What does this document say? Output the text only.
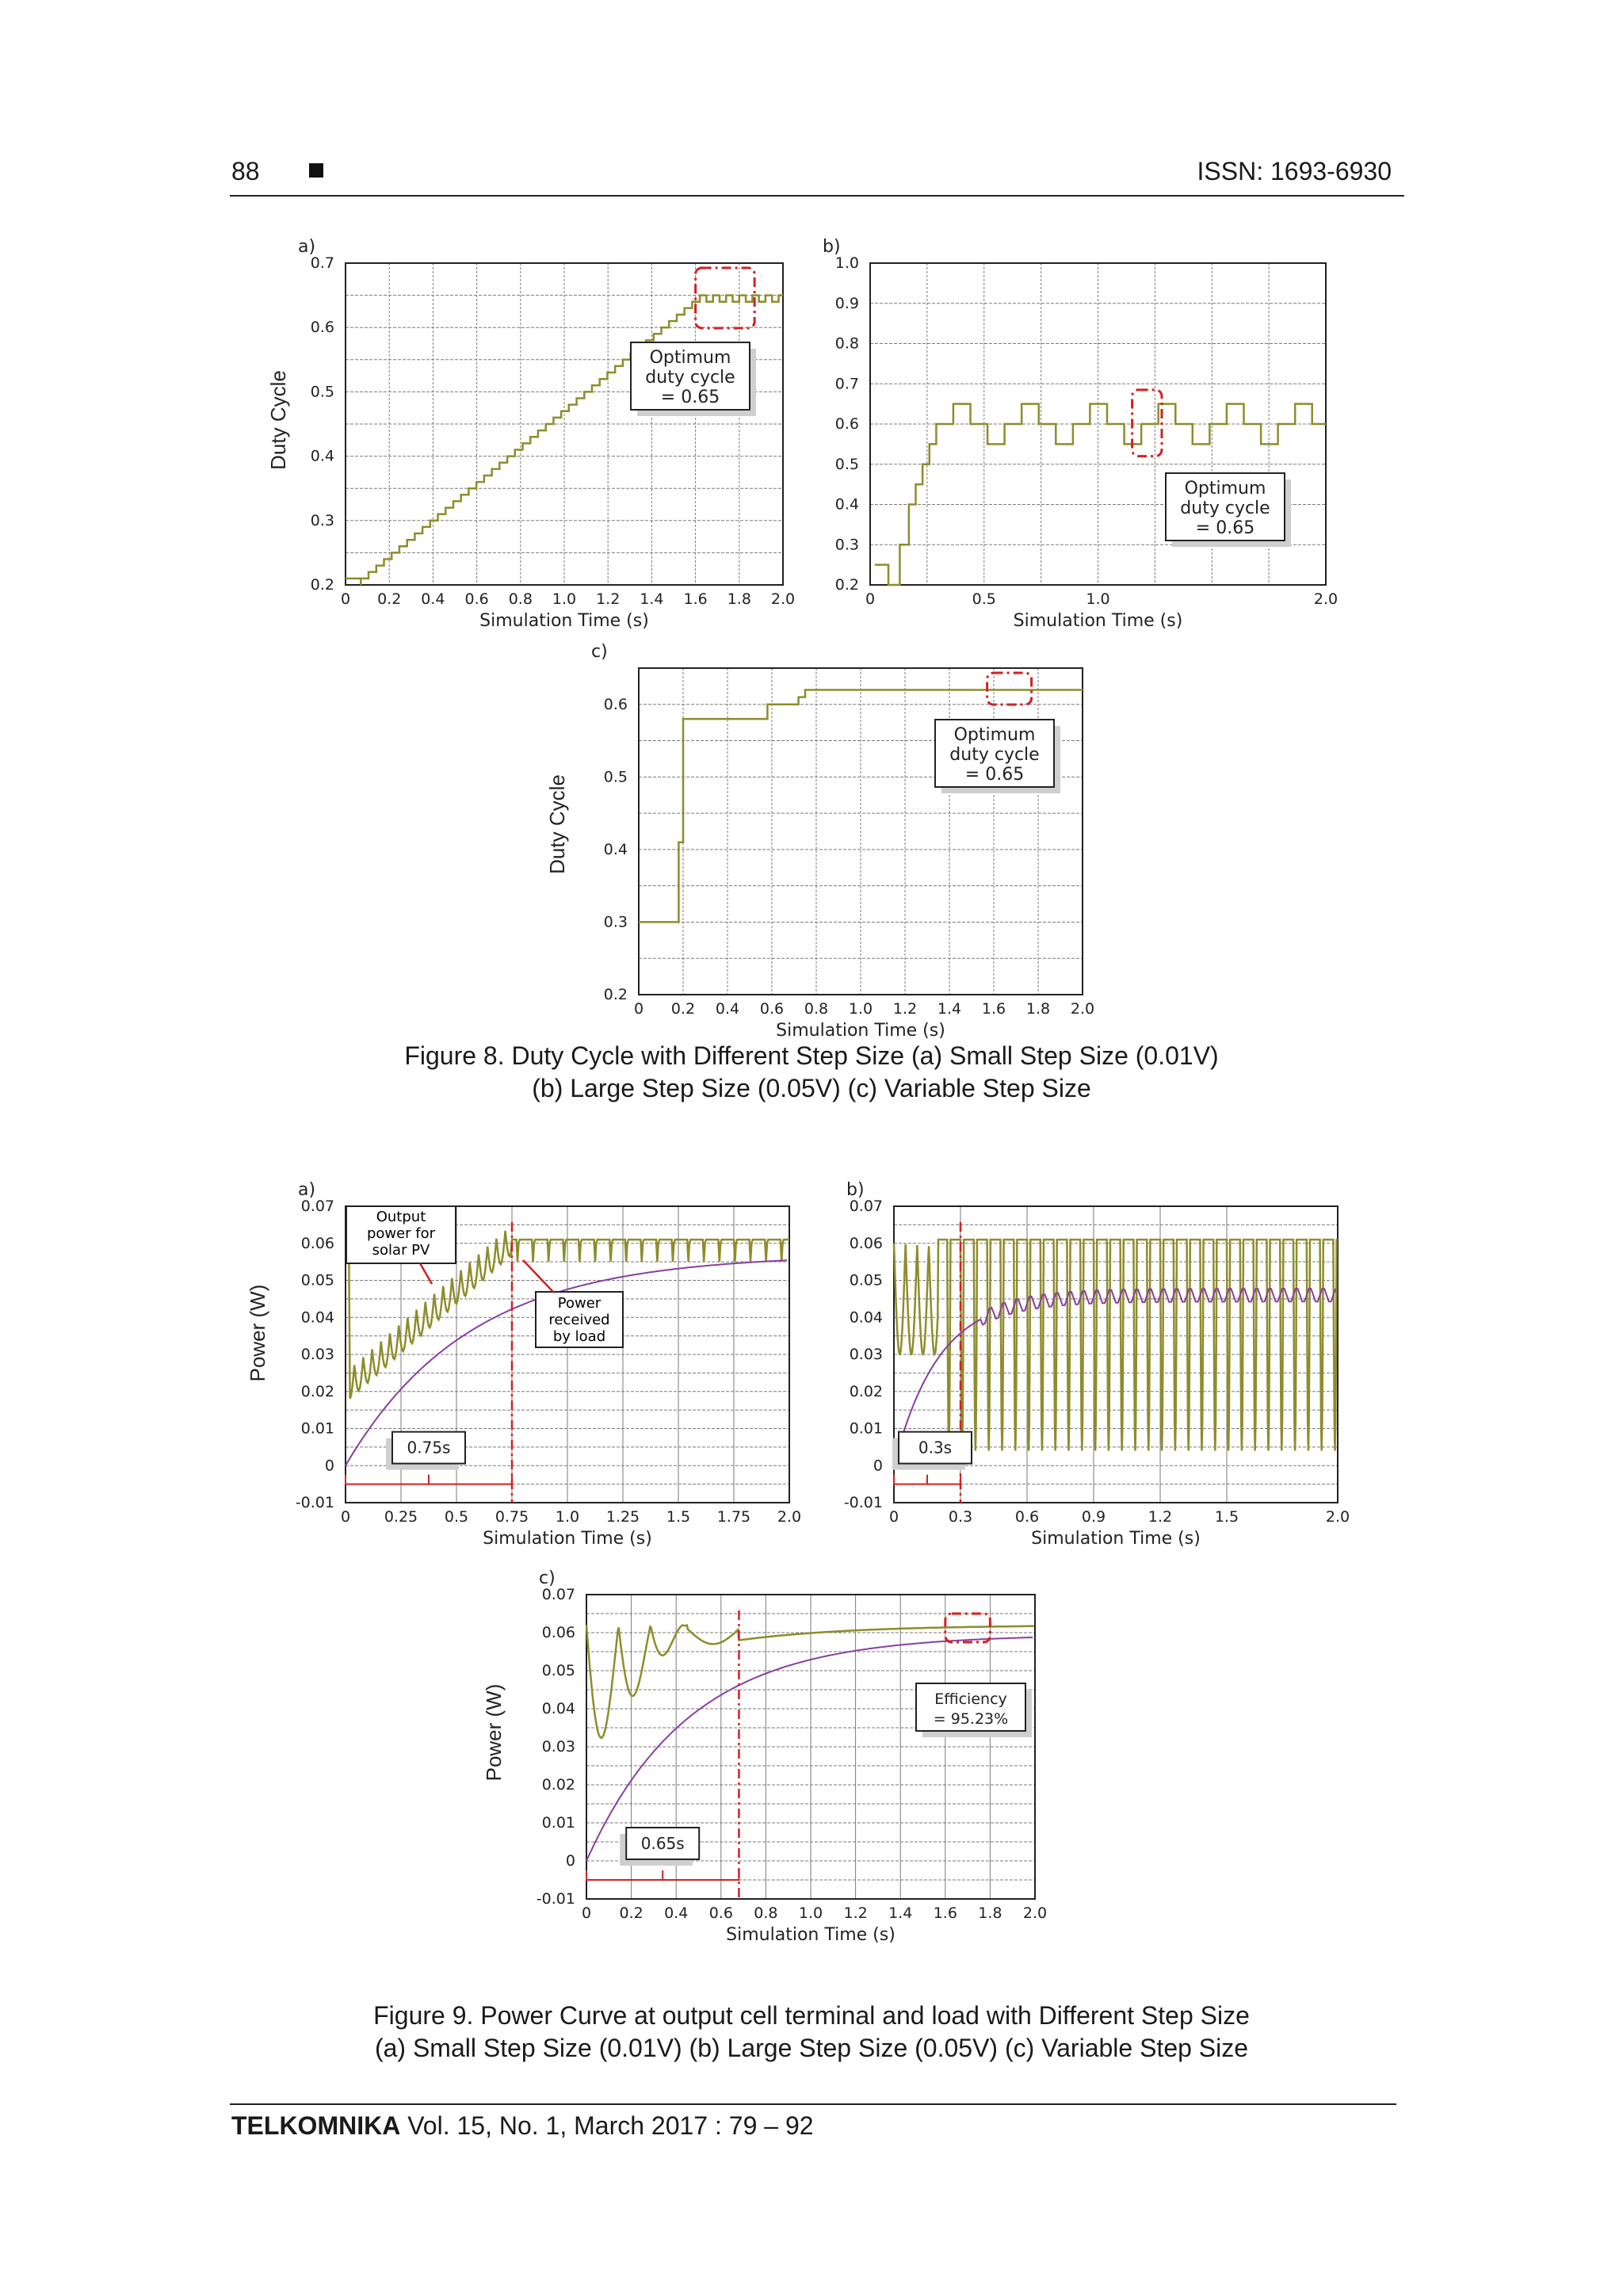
88	ISSN: 1693-6930
0 0.2 0.4 0.6 0.8 1.0 1.2 1.4 1.6 1.8 2.0
0.2
0.3
0.4
0.5
0.6
0.7
a)
Simulation Time (s)
Duty Cycle
Optimum
duty cycle
= 0.65
0	0.5	1.0	2.0
0.2
0.3
0.4
0.5
0.6
0.7
0.8
0.9
1.0
b)
Simulation Time (s)
Optimum
duty cycle
= 0.65
0 0.2 0.4 0.6 0.8 1.0 1.2 1.4 1.6 1.8 2.0
0.2
0.3
0.4
0.5
0.6
c)
Simulation Time (s)
Duty Cycle
Optimum
duty cycle
= 0.65
0 0.25 0.5 0.75 1.0 1.25 1.5 1.75 2.0
-0.01
0
0.01
0.02
0.03
0.04
0.05
0.06
0.07
a)
Simulation Time (s)
Power (W)
0.75s
Output
power for
solar PV
Power
received
by load
0	0.3	0.6	0.9	1.2	1.5	2.0
-0.01
0
0.01
0.02
0.03
0.04
0.05
0.06
0.07
b)
Simulation Time (s)
0.3s
0 0.2 0.4 0.6 0.8 1.0 1.2 1.4 1.6 1.8 2.0
-0.01
0
0.01
0.02
0.03
0.04
0.05
0.06
0.07
c)
Simulation Time (s)
Power (W)	Efficiency
= 95.23%
0.65s
Figure 8. Duty Cycle with Different Step Size (a) Small Step Size (0.01V)
(b) Large Step Size (0.05V) (c) Variable Step Size
Figure 9. Power Curve at output cell terminal and load with Different Step Size
(a) Small Step Size (0.01V) (b) Large Step Size (0.05V) (c) Variable Step Size
TELKOMNIKA Vol. 15, No. 1, March 2017 : 79 – 92
